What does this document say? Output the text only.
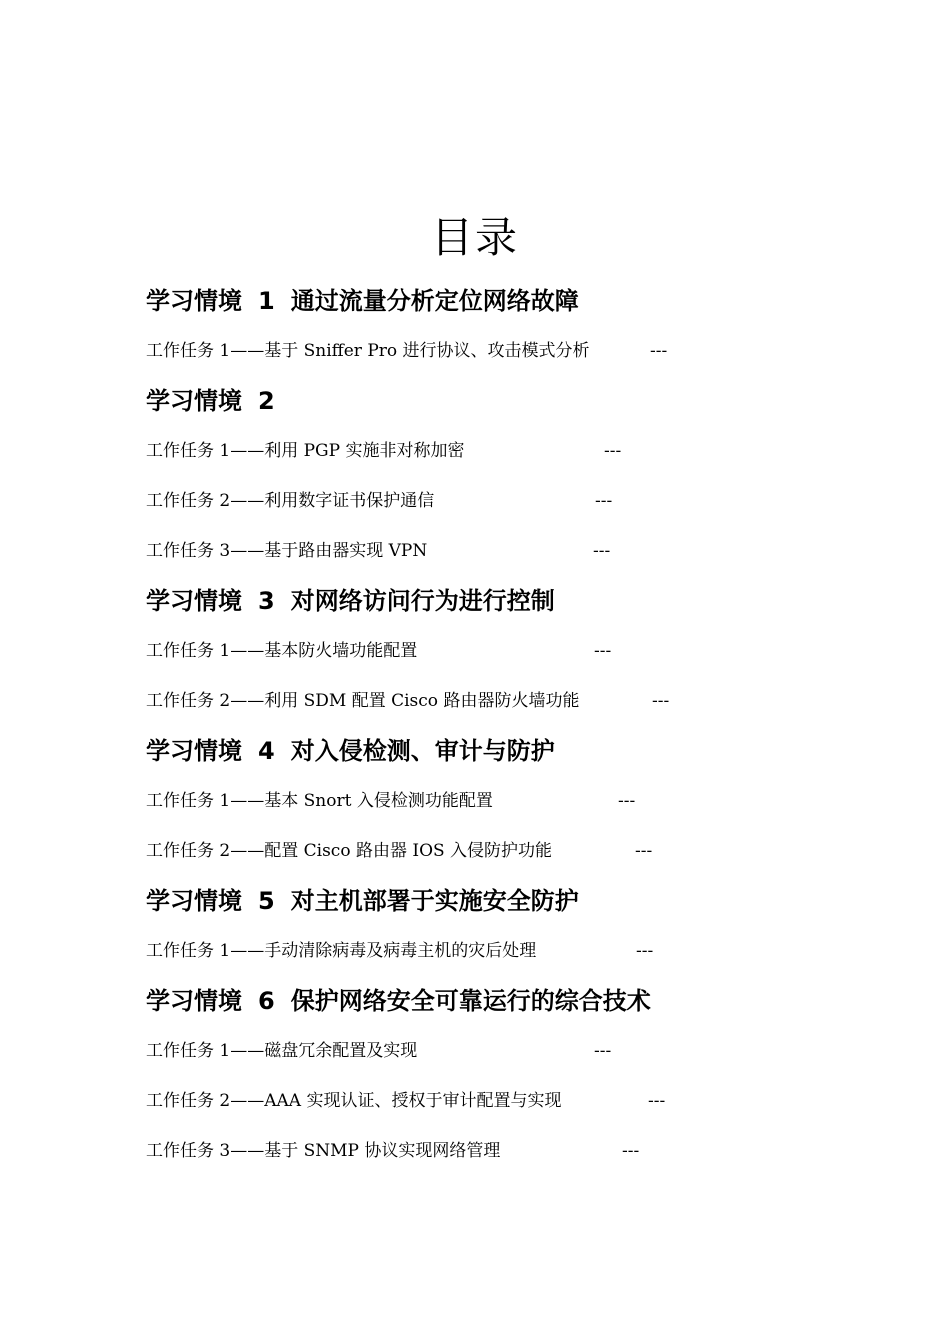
目录
学习情境 1 通过流量分析定位网络故障
工作任务 1——基于 Sniffer Pro 进行协议、攻击模式分析	---
学习情境 2
工作任务 1——利用 PGP 实施非对称加密	---
工作任务 2——利用数字证书保护通信	---
工作任务 3——基于路由器实现 VPN	---
学习情境 3 对网络访问行为进行控制
工作任务 1——基本防火墙功能配置	---
工作任务 2——利用 SDM 配置 Cisco 路由器防火墙功能	---
学习情境 4 对入侵检测、审计与防护
工作任务 1——基本 Snort 入侵检测功能配置	---
工作任务 2——配置 Cisco 路由器 IOS 入侵防护功能	---
学习情境 5 对主机部署于实施安全防护
工作任务 1——手动清除病毒及病毒主机的灾后处理	---
学习情境 6 保护网络安全可靠运行的综合技术
工作任务 1——磁盘冗余配置及实现	---
工作任务 2——AAA 实现认证、授权于审计配置与实现	---
工作任务 3——基于 SNMP 协议实现网络管理	---
